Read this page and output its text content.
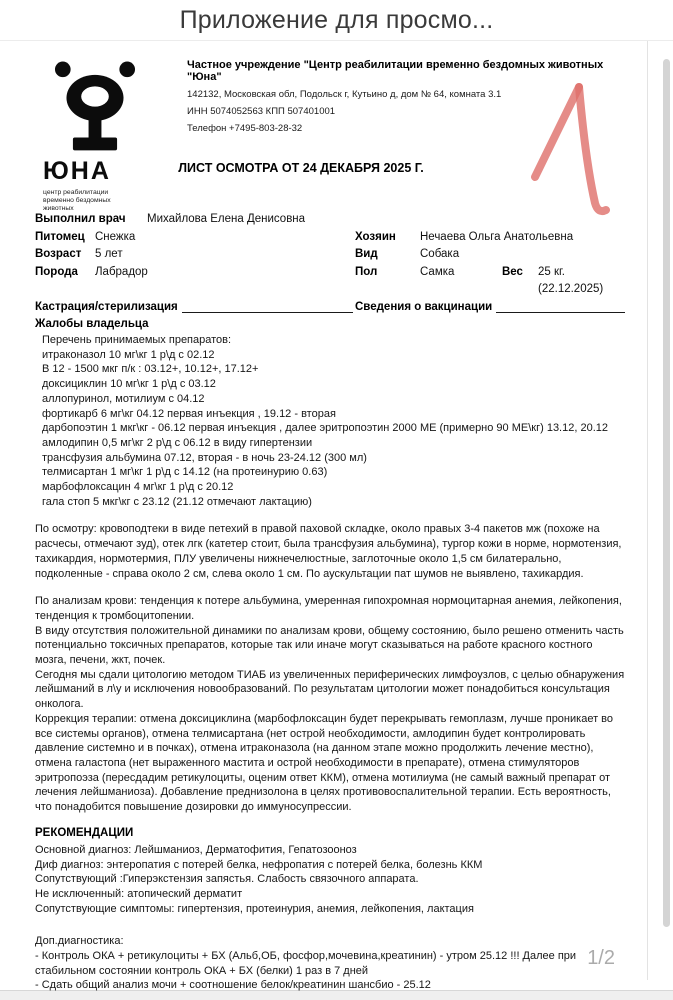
Приложение для просмо...
ЮНА
центр реабилитации
временно бездомных
животных
Частное учреждение "Центр реабилитации временно бездомных животных "Юна"
142132, Московская обл, Подольск г, Кутьино д, дом № 64, комната 3.1
ИНН 5074052563 КПП 507401001
Телефон +7495-803-28-32
ЛИСТ ОСМОТРА ОТ 24 ДЕКАБРЯ 2025 Г.
Выполнил врач	Михайлова Елена Денисовна
Питомец Снежка	Хозяин	Нечаева Ольга Анатольевна
Возраст	5 лет	Вид	Собака
Порода	Лабрадор	Пол	Самка	Вес	25 кг. (22.12.2025)
Кастрация/стерилизация	Сведения о вакцинации
Жалобы владельца
Перечень принимаемых препаратов:
итраконазол 10 мг\кг 1 р\д с 02.12
В 12 - 1500 мкг п/к : 03.12+, 10.12+, 17.12+
доксициклин 10 мг\кг 1 р\д с 03.12
аллопуринол, мотилиум с 04.12
фортикарб 6 мг\кг 04.12 первая инъекция , 19.12 - вторая
дарбопоэтин 1 мкг\кг - 06.12 первая инъекция , далее эритропоэтин 2000 МЕ (примерно 90 МЕ\кг) 13.12, 20.12
амлодипин 0,5 мг\кг 2 р\д с 06.12 в виду гипертензии
трансфузия альбумина 07.12, вторая - в ночь 23-24.12 (300 мл)
телмисартан 1 мг\кг 1 р\д с 14.12 (на протеинурию 0.63)
марбофлоксацин 4 мг\кг 1 р\д с 20.12
гала стоп 5 мкг\кг с 23.12 (21.12 отмечают лактацию)

По осмотру: кровоподтеки в виде петехий в правой паховой складке, около правых 3-4 пакетов мж (похоже на расчесы, отмечают зуд), отек лгк (катетер стоит, была трансфузия альбумина), тургор кожи в норме, нормотензия, тахикардия, нормотермия, ПЛУ увеличены нижнечелюстные, заглоточные около 1,5 см билатерально, подколенные - справа около 2 см, слева около 1 см. По аускультации пат шумов не выявлено, тахикардия.

По анализам крови: тенденция к потере альбумина, умеренная гипохромная нормоцитарная анемия, лейкопения, тенденция к тромбоцитопении.

В виду отсутствия положительной динамики по анализам крови, общему состоянию, было решено отменить часть потенциально токсичных препаратов, которые так или иначе могут сказываться на работе красного костного мозга, печени, жкт, почек.

Сегодня мы сдали цитологию методом ТИАБ из увеличенных периферических лимфоузлов, с целью обнаружения лейшманий в л\у и исключения новообразований. По результатам цитологии может понадобиться консультация онколога.

Коррекция терапии: отмена доксициклина (марбофлоксацин будет перекрывать гемоплазм, лучше проникает во все системы органов), отмена телмисартана (нет острой необходимости, амлодипин будет контролировать давление системно и в почках), отмена итраконазола (на данном этапе можно продолжить лечение местно), отмена галастопа (нет выраженного мастита и острой необходимости в препарате), отмена стимуляторов эритропоэза (пересдадим ретикулоциты, оценим ответ ККМ), отмена мотилиума (не самый важный препарат от лечения лейшманиоза). Добавление преднизолона в целях противовоспалительной терапии. Есть вероятность, что понадобится повышение дозировки до иммуносупрессии.

РЕКОМЕНДАЦИИ
Основной диагноз: Лейшманиоз, Дерматофития, Гепатозооноз
Диф диагноз: энтеропатия с потерей белка, нефропатия с потерей белка, болезнь ККМ
Сопутствующий :Гиперэкстензия запястья. Слабость связочного аппарата.
Не исключенный: атопический дерматит
Сопутствующие симптомы: гипертензия, протеинурия, анемия, лейкопения, лактация
Доп.диагностика:
- Контроль ОКА + ретикулоциты + БХ (Альб,ОБ, фосфор,мочевина,креатинин) - утром 25.12 !!! Далее при стабильном состоянии контроль ОКА + БХ (белки) 1 раз в 7 дней
- Сдать общий анализ мочи + соотношение белок/креатинин шансбио - 25.12
1/2
